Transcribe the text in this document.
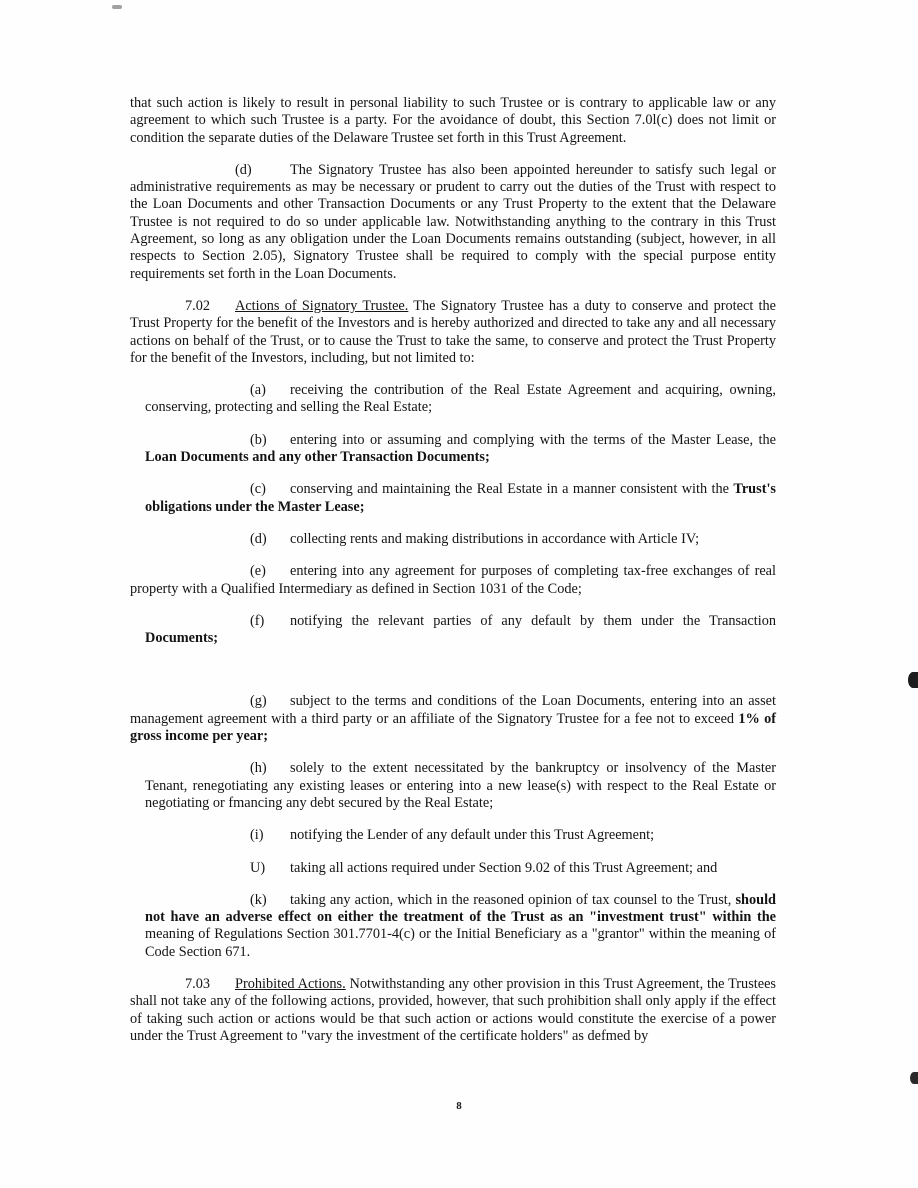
that such action is likely to result in personal liability to such Trustee or is contrary to applicable law or any agreement to which such Trustee is a party. For the avoidance of doubt, this Section 7.0l(c) does not limit or condition the separate duties of the Delaware Trustee set forth in this Trust Agreement.

(d)	The Signatory Trustee has also been appointed hereunder to satisfy such legal or administrative requirements as may be necessary or prudent to carry out the duties of the Trust with respect to the Loan Documents and other Transaction Documents or any Trust Property to the extent that the Delaware Trustee is not required to do so under applicable law. Notwithstanding anything to the contrary in this Trust Agreement, so long as any obligation under the Loan Documents remains outstanding (subject, however, in all respects to Section 2.05), Signatory Trustee shall be required to comply with the special purpose entity requirements set forth in the Loan Documents.

7.02 Actions of Signatory Trustee. The Signatory Trustee has a duty to conserve and protect the Trust Property for the benefit of the Investors and is hereby authorized and directed to take any and all necessary actions on behalf of the Trust, or to cause the Trust to take the same, to conserve and protect the Trust Property for the benefit of the Investors, including, but not limited to:

(a) receiving the contribution of the Real Estate Agreement and acquiring, owning, conserving, protecting and selling the Real Estate;

(b) entering into or assuming and complying with the terms of the Master Lease, the Loan Documents and any other Transaction Documents;

(c) conserving and maintaining the Real Estate in a manner consistent with the Trust's obligations under the Master Lease;

(d) collecting rents and making distributions in accordance with Article IV;

(e) entering into any agreement for purposes of completing tax-free exchanges of real property with a Qualified Intermediary as defined in Section 1031 of the Code;

(f) notifying the relevant parties of any default by them under the Transaction Documents;

(g) subject to the terms and conditions of the Loan Documents, entering into an asset management agreement with a third party or an affiliate of the Signatory Trustee for a fee not to exceed 1% of gross income per year;

(h) solely to the extent necessitated by the bankruptcy or insolvency of the Master Tenant, renegotiating any existing leases or entering into a new lease(s) with respect to the Real Estate or negotiating or fmancing any debt secured by the Real Estate;

(i) notifying the Lender of any default under this Trust Agreement;

U) taking all actions required under Section 9.02 of this Trust Agreement; and

(k) taking any action, which in the reasoned opinion of tax counsel to the Trust, should not have an adverse effect on either the treatment of the Trust as an "investment trust" within the meaning of Regulations Section 301.7701-4(c) or the Initial Beneficiary as a "grantor" within the meaning of Code Section 671.

7.03 Prohibited Actions. Notwithstanding any other provision in this Trust Agreement, the Trustees shall not take any of the following actions, provided, however, that such prohibition shall only apply if the effect of taking such action or actions would be that such action or actions would constitute the exercise of a power under the Trust Agreement to "vary the investment of the certificate holders" as defmed by

8
